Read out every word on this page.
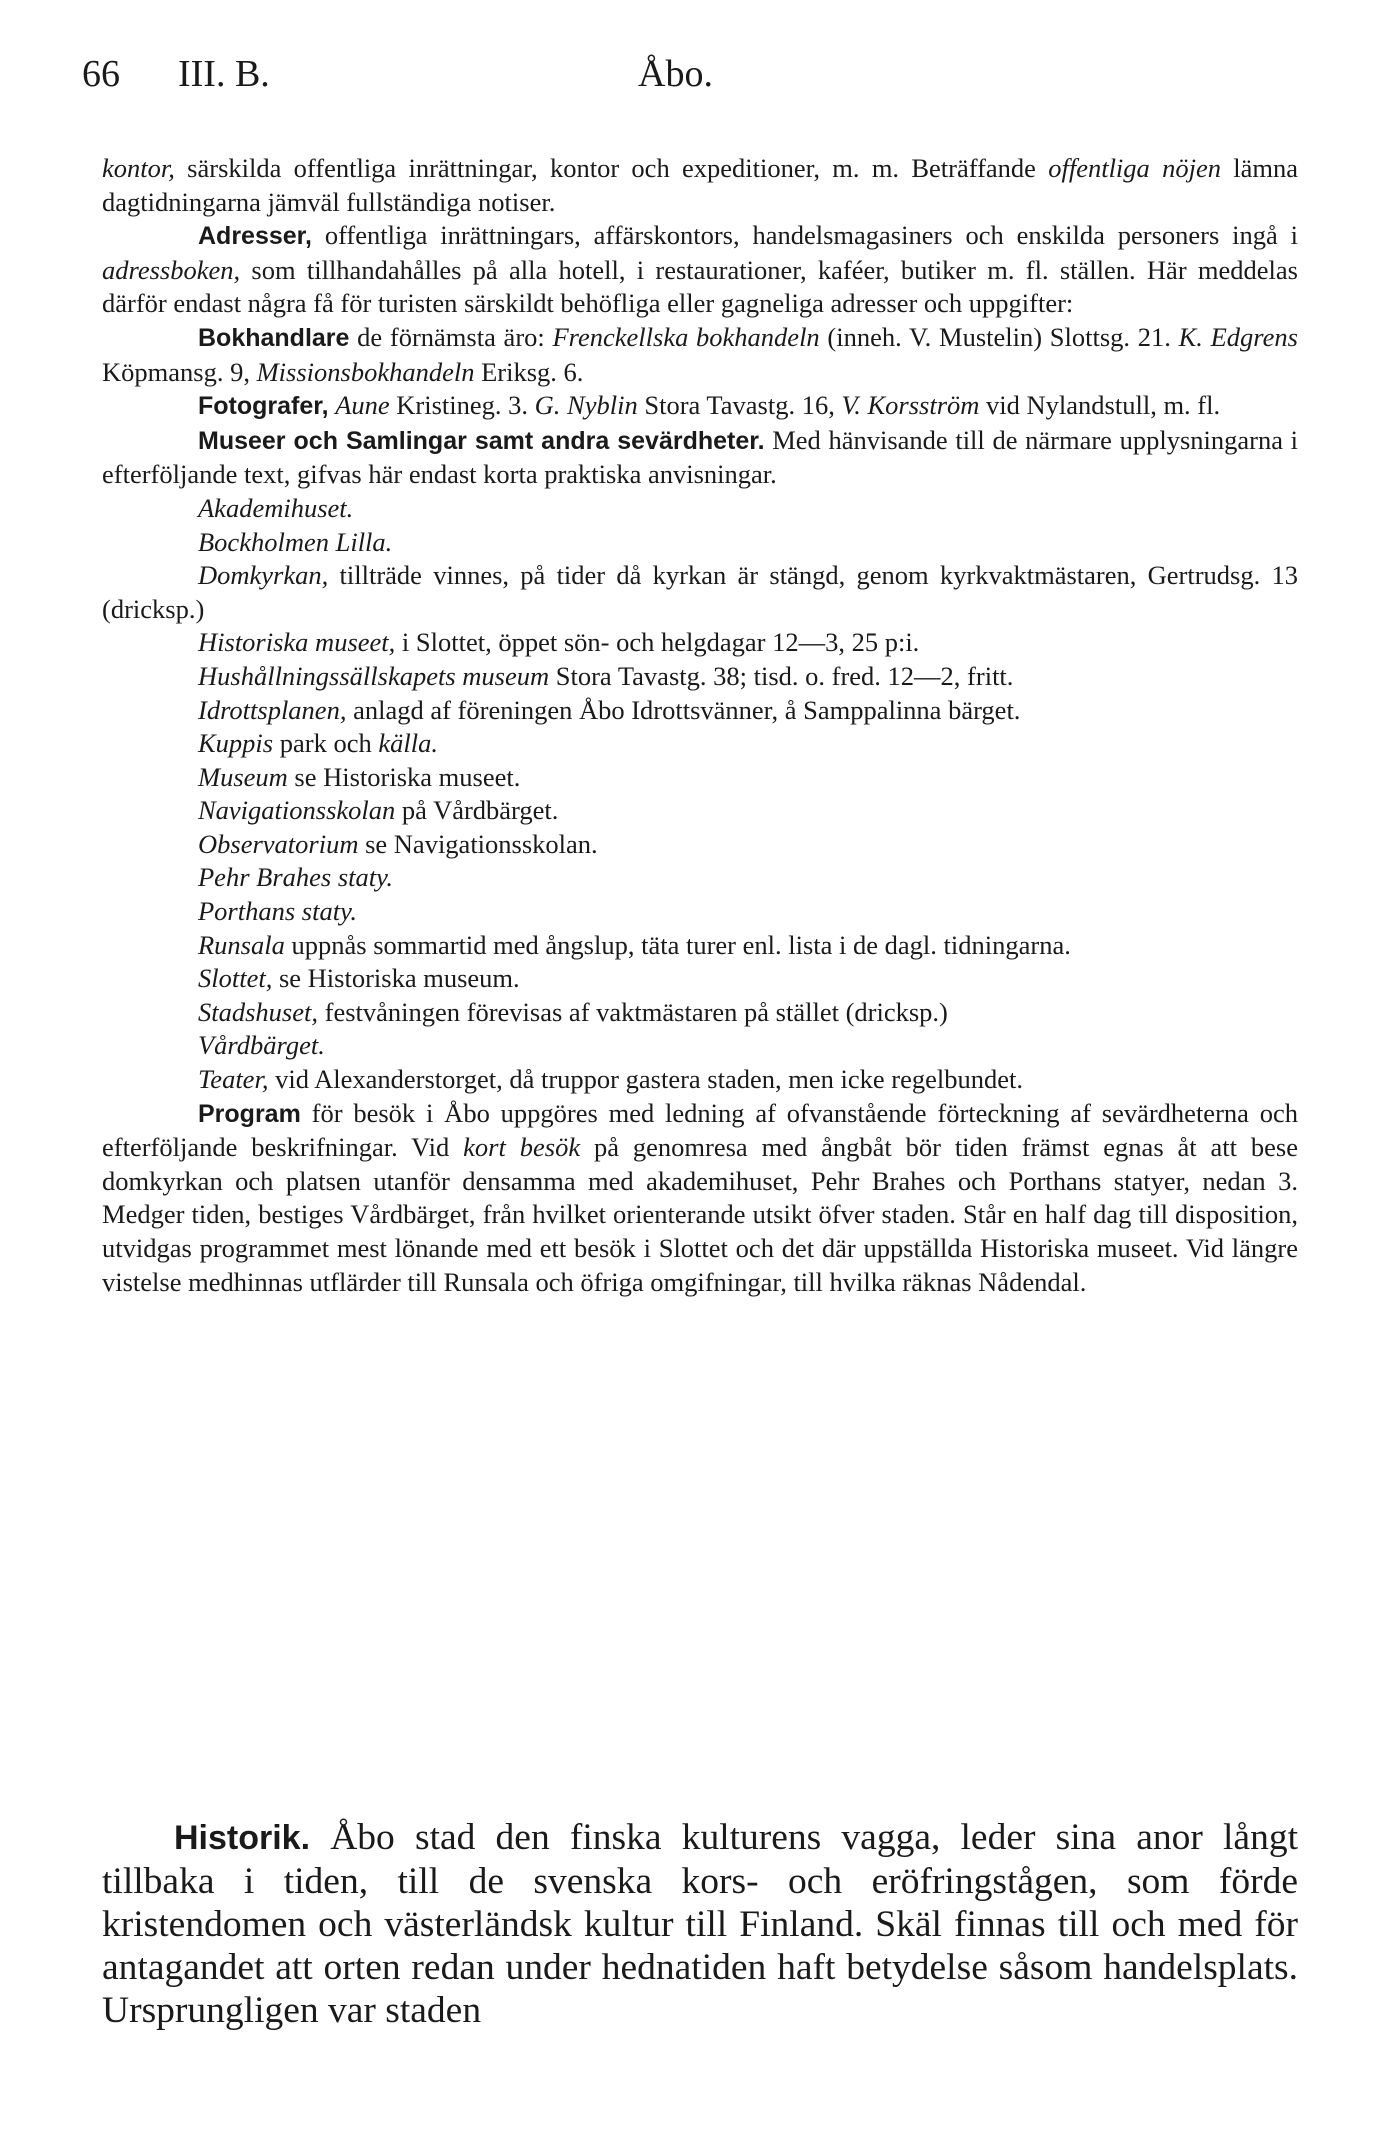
66 III. B.	Åbo.

kontor, särskilda offentliga inrättningar, kontor och expeditioner, m. m. Beträffande offentliga nöjen lämna dagtidningarna jämväl fullständiga notiser.

Adresser, offentliga inrättningars, affärskontors, handelsmagasiners och enskilda personers ingå i adressboken, som tillhandahålles på alla hotell, i restaurationer, kaféer, butiker m. fl. ställen. Här meddelas därför endast några få för turisten särskildt behöfliga eller gagneliga adresser och uppgifter:

Bokhandlare de förnämsta äro: Frenckellska bokhandeln (inneh. V. Mustelin) Slottsg. 21. K. Edgrens Köpmansg. 9, Missionsbokhandeln Eriksg. 6.

Fotografer, Aune Kristineg. 3. G. Nyblin Stora Tavastg. 16, V. Korsström vid Nylandstull, m. fl.

Museer och Samlingar samt andra sevärdheter. Med hänvisande till de närmare upplysningarna i efterföljande text, gifvas här endast korta praktiska anvisningar.

Akademihuset.

Bockholmen Lilla.

Domkyrkan, tillträde vinnes, på tider då kyrkan är stängd, genom kyrkvaktmästaren, Gertrudsg. 13 (dricksp.)

Historiska museet, i Slottet, öppet sön- och helgdagar 12—3, 25 p:i.

Hushållningssällskapets museum Stora Tavastg. 38; tisd. o. fred. 12—2, fritt.

Idrottsplanen, anlagd af föreningen Åbo Idrottsvänner, å Samppalinna bärget.

Kuppis park och källa.

Museum se Historiska museet.

Navigationsskolan på Vårdbärget.

Observatorium se Navigationsskolan.

Pehr Brahes staty.

Porthans staty.

Runsala uppnås sommartid med ångslup, täta turer enl. lista i de dagl. tidningarna.

Slottet, se Historiska museum.

Stadshuset, festvåningen förevisas af vaktmästaren på stället (dricksp.)

Vårdbärget.

Teater, vid Alexanderstorget, då truppor gastera staden, men icke regelbundet.

Program för besök i Åbo uppgöres med ledning af ofvanstående förteckning af sevärdheterna och efterföljande beskrifningar. Vid kort besök på genomresa med ångbåt bör tiden främst egnas åt att bese domkyrkan och platsen utanför densamma med akademihuset, Pehr Brahes och Porthans statyer, nedan 3. Medger tiden, bestiges Vårdbärget, från hvilket orienterande utsikt öfver staden. Står en half dag till disposition, utvidgas programmet mest lönande med ett besök i Slottet och det där uppställda Historiska museet. Vid längre vistelse medhinnas utflärder till Runsala och öfriga omgifningar, till hvilka räknas Nådendal.

Historik. Åbo stad den finska kulturens vagga, leder sina anor långt tillbaka i tiden, till de svenska kors- och eröfringstågen, som förde kristendomen och västerländsk kultur till Finland. Skäl finnas till och med för antagandet att orten redan under hednatiden haft betydelse såsom handelsplats. Ursprungligen var staden
